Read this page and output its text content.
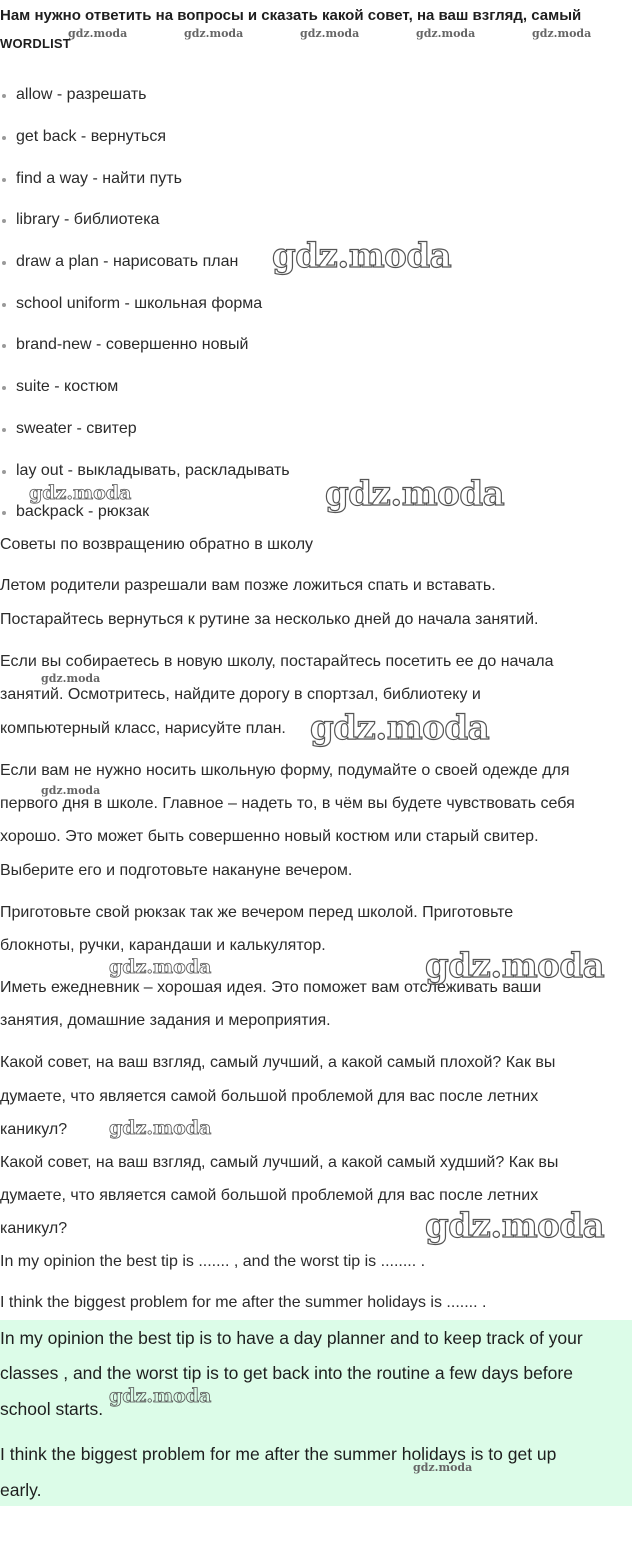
Нам нужно ответить на вопросы и сказать какой совет, на ваш взгляд, самый
WORDLIST
allow - разрешать
get back - вернуться
find a way - найти путь
library - библиотека
draw a plan - нарисовать план
school uniform - школьная форма
brand-new - совершенно новый
suite - костюм
sweater - свитер
lay out - выкладывать, раскладывать
backpack - рюкзак
Советы по возвращению обратно в школу
Летом родители разрешали вам позже ложиться спать и вставать.
Постарайтесь вернуться к рутине за несколько дней до начала занятий.
Если вы собираетесь в новую школу, постарайтесь посетить ее до начала
занятий. Осмотритесь, найдите дорогу в спортзал, библиотеку и
компьютерный класс, нарисуйте план.
Если вам не нужно носить школьную форму, подумайте о своей одежде для
первого дня в школе. Главное – надеть то, в чём вы будете чувствовать себя
хорошо. Это может быть совершенно новый костюм или старый свитер.
Выберите его и подготовьте накануне вечером.
Приготовьте свой рюкзак так же вечером перед школой. Приготовьте
блокноты, ручки, карандаши и калькулятор.
Иметь ежедневник – хорошая идея. Это поможет вам отслеживать ваши
занятия, домашние задания и мероприятия.
Какой совет, на ваш взгляд, самый лучший, а какой самый плохой? Как вы
думаете, что является самой большой проблемой для вас после летних
каникул?
Какой совет, на ваш взгляд, самый лучший, а какой самый худший? Как вы
думаете, что является самой большой проблемой для вас после летних
каникул?
In my opinion the best tip is ....... , and the worst tip is ........ .
I think the biggest problem for me after the summer holidays is ....... .
In my opinion the best tip is to have a day planner and to keep track of your
classes , and the worst tip is to get back into the routine a few days before
school starts.
I think the biggest problem for me after the summer holidays is to get up
early.
gdz.moda	gdz.moda	gdz.moda	gdz.moda	gdz.moda
gdz.moda
gdz.moda
gdz.moda
gdz.moda
gdz.moda
gdz.moda
gdz.moda	gdz.moda
gdz.moda
gdz.moda
gdz.moda
gdz.moda
